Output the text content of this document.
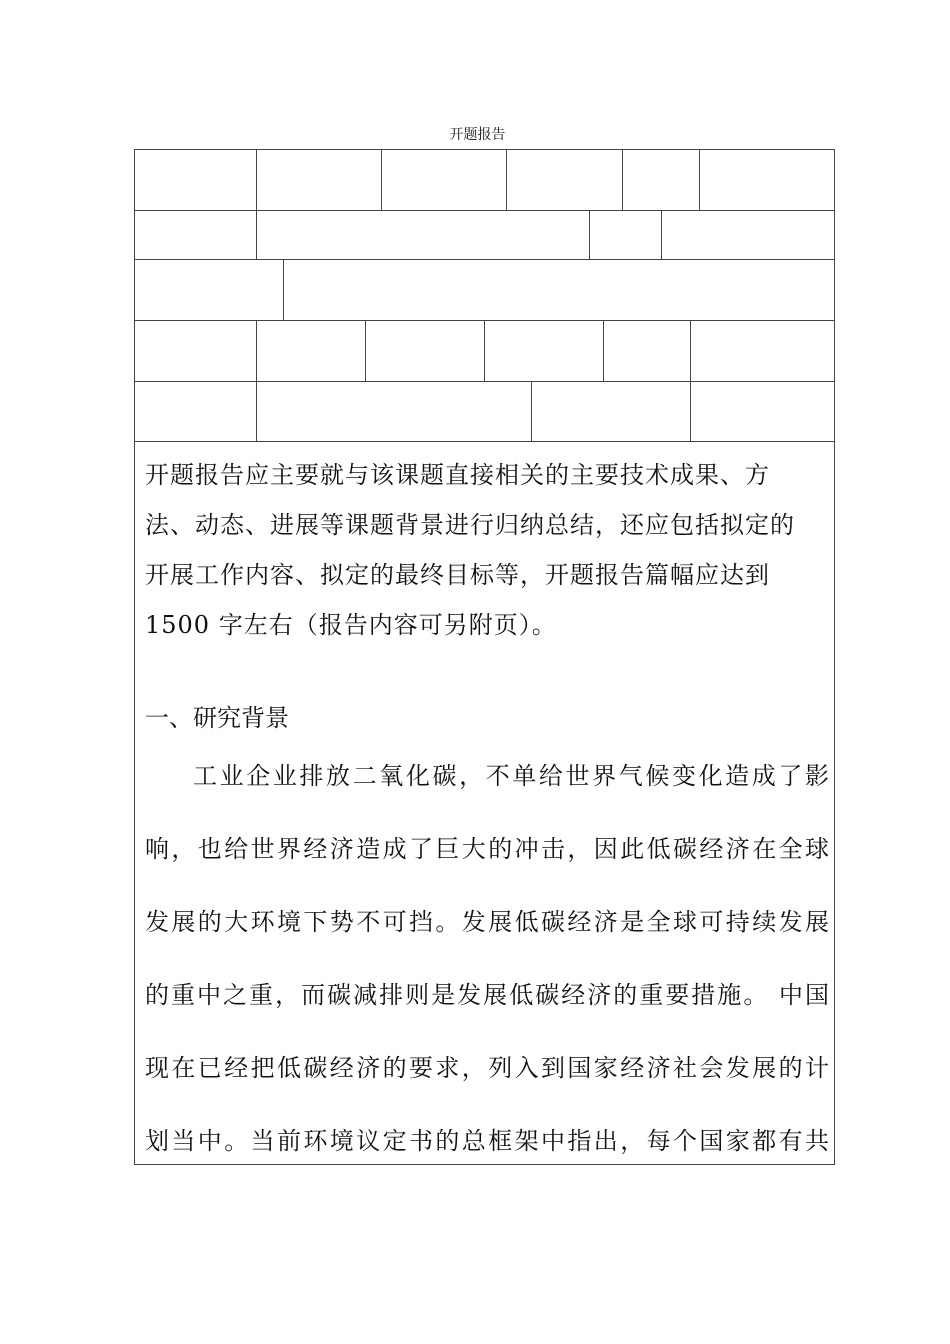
开题报告
开题报告应主要就与该课题直接相关的主要技术成果、方
法、动态、进展等课题背景进行归纳总结，还应包括拟定的
开展工作内容、拟定的最终目标等，开题报告篇幅应达到
1500 字左右（报告内容可另附页）。
一、研究背景
工业企业排放二氧化碳，不单给世界气候变化造成了影
响，也给世界经济造成了巨大的冲击，因此低碳经济在全球
发展的大环境下势不可挡。发展低碳经济是全球可持续发展
的重中之重，而碳减排则是发展低碳经济的重要措施。 中国
现在已经把低碳经济的要求，列入到国家经济社会发展的计
划当中。当前环境议定书的总框架中指出，每个国家都有共
